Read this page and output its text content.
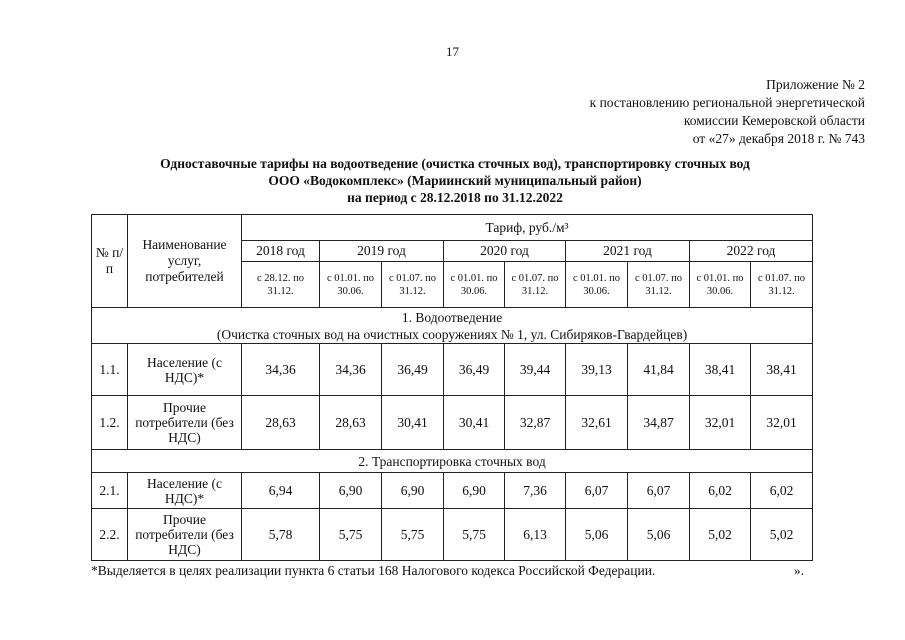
17
Приложение № 2
к постановлению региональной энергетической
комиссии Кемеровской области
от «27» декабря 2018 г. № 743
Одноставочные тарифы на водоотведение (очистка сточных вод), транспортировку сточных вод
ООО «Водокомплекс» (Мариинский муниципальный район)
на период с 28.12.2018 по 31.12.2022
№ п/п	Наименование услуг, потребителей	Тариф, руб./м³								
		2018 год	2019 год		2020 год		2021 год		2022 год	
		с 28.12. по 31.12.	с 01.01. по 30.06.	с 01.07. по 31.12.	с 01.01. по 30.06.	с 01.07. по 31.12.	с 01.01. по 30.06.	с 01.07. по 31.12.	с 01.01. по 30.06.	с 01.07. по 31.12.

1. Водоотведение
(Очистка сточных вод на очистных сооружениях № 1, ул. Сибиряков-Гвардейцев)										

1.1.	Население (с НДС)*	34,36	34,36	36,49	36,49	39,44	39,13	41,84	38,41	38,41
1.2.	Прочие потребители (без НДС)	28,63	28,63	30,41	30,41	32,87	32,61	34,87	32,01	32,01
2. Транспортировка сточных вод										
2.1.	Население (с НДС)*	6,94	6,90	6,90	6,90	7,36	6,07	6,07	6,02	6,02
2.2.	Прочие потребители (без НДС)	5,78	5,75	5,75	5,75	6,13	5,06	5,06	5,02	5,02
*Выделяется в целях реализации пункта 6 статьи 168 Налогового кодекса Российской Федерации.	».
